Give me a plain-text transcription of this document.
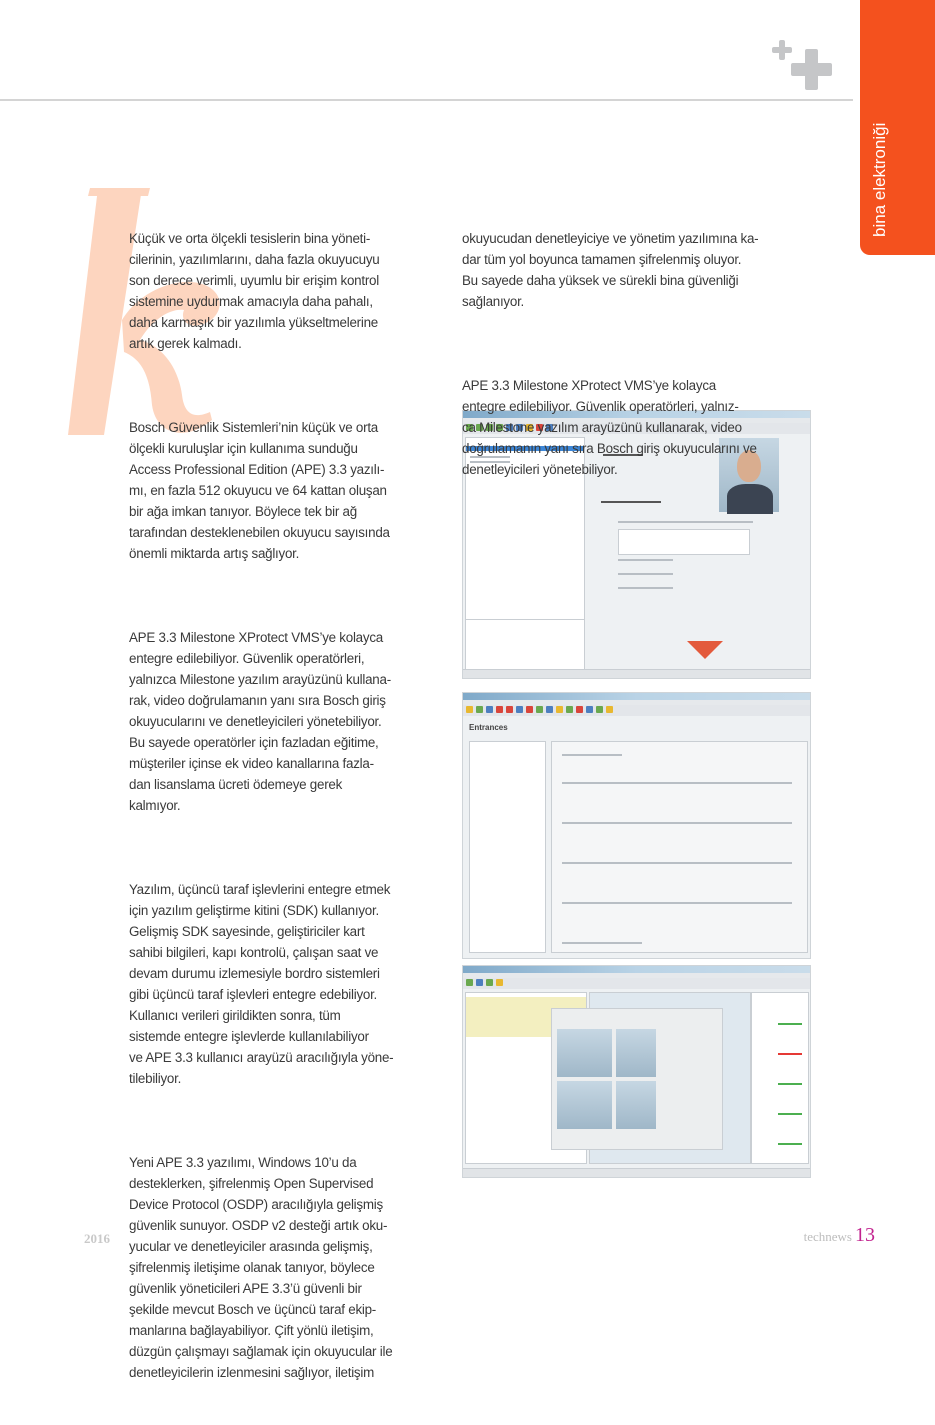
bina elektroniği

Küçük ve orta ölçekli tesislerin bina yöneti-
cilerinin, yazılımlarını, daha fazla okuyucuyu
son derece verimli, uyumlu bir erişim kontrol
sistemine uydurmak amacıyla daha pahalı,
daha karmaşık bir yazılımla yükseltmelerine
artık gerek kalmadı.

Bosch Güvenlik Sistemleri’nin küçük ve orta
ölçekli kuruluşlar için kullanıma sunduğu
Access Professional Edition (APE) 3.3 yazılı-
mı, en fazla 512 okuyucu ve 64 kattan oluşan
bir ağa imkan tanıyor. Böylece tek bir ağ
tarafından desteklenebilen okuyucu sayısında
önemli miktarda artış sağlıyor.

APE 3.3 Milestone XProtect VMS’ye kolayca
entegre edilebiliyor. Güvenlik operatörleri,
yalnızca Milestone yazılım arayüzünü kullana-
rak, video doğrulamanın yanı sıra Bosch giriş
okuyucularını ve denetleyicileri yönetebiliyor.
Bu sayede operatörler için fazladan eğitime,
müşteriler içinse ek video kanallarına fazla-
dan lisanslama ücreti ödemeye gerek
kalmıyor.

Yazılım, üçüncü taraf işlevlerini entegre etmek
için yazılım geliştirme kitini (SDK) kullanıyor.
Gelişmiş SDK sayesinde, geliştiriciler kart
sahibi bilgileri, kapı kontrolü, çalışan saat ve
devam durumu izlemesiyle bordro sistemleri
gibi üçüncü taraf işlevleri entegre edebiliyor.
Kullanıcı verileri girildikten sonra, tüm
sistemde entegre işlevlerde kullanılabiliyor
ve APE 3.3 kullanıcı arayüzü aracılığıyla yöne-
tilebiliyor.

Yeni APE 3.3 yazılımı, Windows 10’u da
desteklerken, şifrelenmiş Open Supervised
Device Protocol (OSDP) aracılığıyla gelişmiş
güvenlik sunuyor. OSDP v2 desteği artık oku-
yucular ve denetleyiciler arasında gelişmiş,
şifrelenmiş iletişime olanak tanıyor, böylece
güvenlik yöneticileri APE 3.3’ü güvenli bir
şekilde mevcut Bosch ve üçüncü taraf ekip-
manlarına bağlayabiliyor. Çift yönlü iletişim,
düzgün çalışmayı sağlamak için okuyucular ile
denetleyicilerin izlenmesini sağlıyor, iletişim

okuyucudan denetleyiciye ve yönetim yazılımına ka-
dar tüm yol boyunca tamamen şifrelenmiş oluyor.
Bu sayede daha yüksek ve sürekli bina güvenliği
sağlanıyor.

APE 3.3 Milestone XProtect VMS’ye kolayca
entegre edilebiliyor. Güvenlik operatörleri, yalnız-
ca Milestone yazılım arayüzünü kullanarak, video
doğrulamanın yanı sıra Bosch giriş okuyucularını ve
denetleyicileri yönetebiliyor.

Entrances
2016	technews 13
